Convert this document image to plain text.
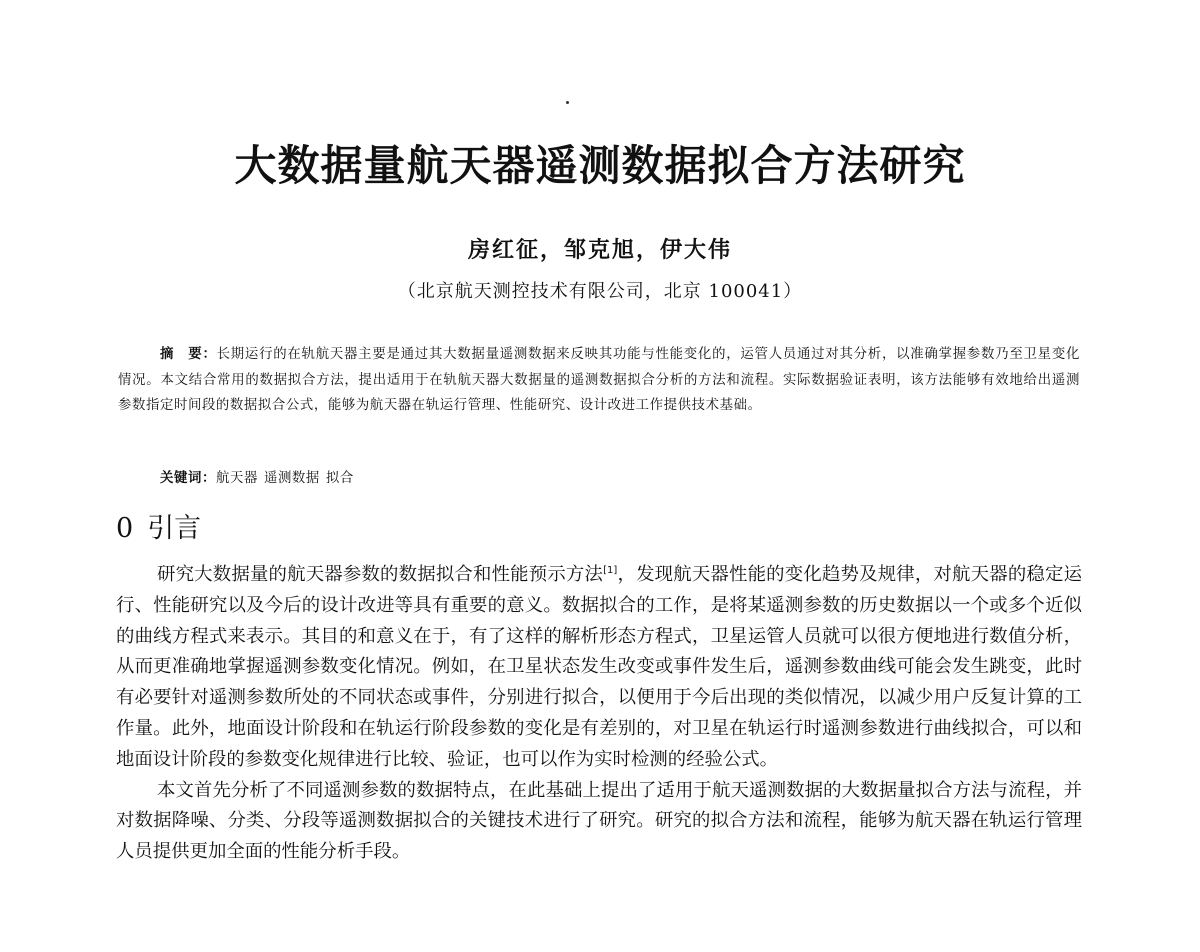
大数据量航天器遥测数据拟合方法研究
房红征，邹克旭，伊大伟
（北京航天测控技术有限公司，北京 100041）
摘　要：长期运行的在轨航天器主要是通过其大数据量遥测数据来反映其功能与性能变化的，运管人员通过对其分析，以准确掌握参数乃至卫星变化情况。本文结合常用的数据拟合方法，提出适用于在轨航天器大数据量的遥测数据拟合分析的方法和流程。实际数据验证表明，该方法能够有效地给出遥测参数指定时间段的数据拟合公式，能够为航天器在轨运行管理、性能研究、设计改进工作提供技术基础。
关键词：航天器 遥测数据 拟合
0 引言

研究大数据量的航天器参数的数据拟合和性能预示方法[1]，发现航天器性能的变化趋势及规律，对航天器的稳定运行、性能研究以及今后的设计改进等具有重要的意义。数据拟合的工作，是将某遥测参数的历史数据以一个或多个近似的曲线方程式来表示。其目的和意义在于，有了这样的解析形态方程式，卫星运管人员就可以很方便地进行数值分析，从而更准确地掌握遥测参数变化情况。例如，在卫星状态发生改变或事件发生后，遥测参数曲线可能会发生跳变，此时有必要针对遥测参数所处的不同状态或事件，分别进行拟合，以便用于今后出现的类似情况，以减少用户反复计算的工作量。此外，地面设计阶段和在轨运行阶段参数的变化是有差别的，对卫星在轨运行时遥测参数进行曲线拟合，可以和地面设计阶段的参数变化规律进行比较、验证，也可以作为实时检测的经验公式。

本文首先分析了不同遥测参数的数据特点，在此基础上提出了适用于航天遥测数据的大数据量拟合方法与流程，并对数据降噪、分类、分段等遥测数据拟合的关键技术进行了研究。研究的拟合方法和流程，能够为航天器在轨运行管理人员提供更加全面的性能分析手段。
